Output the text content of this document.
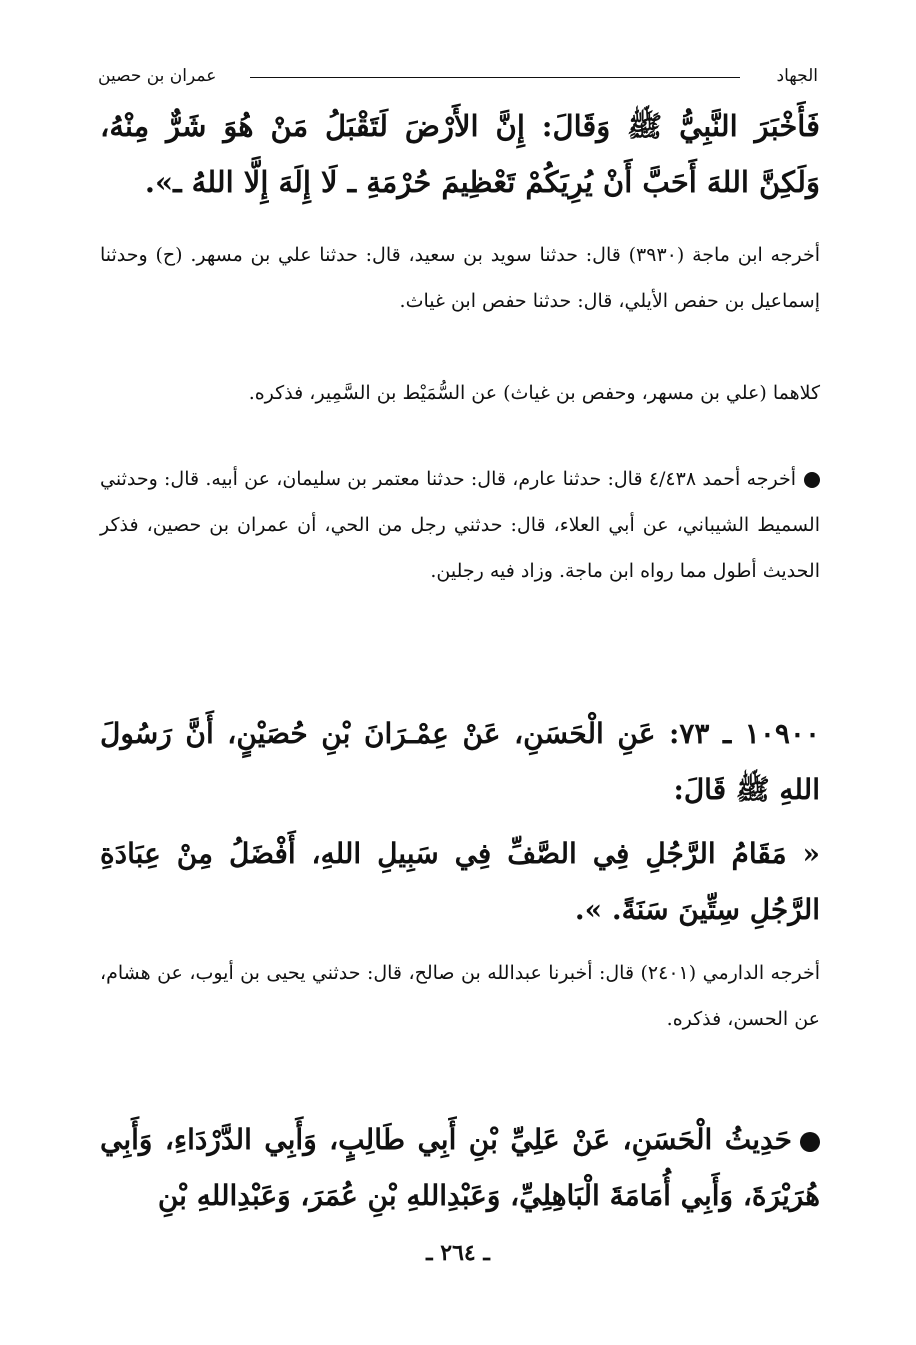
الجهاد
عمران بن حصين
فَأَخْبَرَ النَّبِيُّ ﷺ وَقَالَ: إِنَّ الأَرْضَ لَتَقْبَلُ مَنْ هُوَ شَرٌّ مِنْهُ، وَلَكِنَّ اللهَ أَحَبَّ أَنْ يُرِيَكُمْ تَعْظِيمَ حُرْمَةِ ـ لَا إِلَهَ إِلَّا اللهُ ـ».
أخرجه ابن ماجة (٣٩٣٠) قال: حدثنا سويد بن سعيد، قال: حدثنا علي بن مسهر. (ح) وحدثنا إسماعيل بن حفص الأيلي، قال: حدثنا حفص ابن غياث.
كلاهما (علي بن مسهر، وحفص بن غياث) عن السُّمَيْط بن السَّمِير، فذكره.
أخرجه أحمد ٤/٤٣٨ قال: حدثنا عارم، قال: حدثنا معتمر بن سليمان، عن أبيه. قال: وحدثني السميط الشيباني، عن أبي العلاء، قال: حدثني رجل من الحي، أن عمران بن حصين، فذكر الحديث أطول مما رواه ابن ماجة. وزاد فيه رجلين.
١٠٩٠٠ ـ ٧٣: عَنِ الْحَسَنِ، عَنْ عِمْـرَانَ بْنِ حُصَيْنٍ، أَنَّ رَسُولَ اللهِ ﷺ قَالَ:
« مَقَامُ الرَّجُلِ فِي الصَّفِّ فِي سَبِيلِ اللهِ، أَفْضَلُ مِنْ عِبَادَةِ الرَّجُلِ سِتِّينَ سَنَةً. ».
أخرجه الدارمي (٢٤٠١) قال: أخبرنا عبدالله بن صالح، قال: حدثني يحيى بن أيوب، عن هشام، عن الحسن، فذكره.
حَدِيثُ الْحَسَنِ، عَنْ عَلِيِّ بْنِ أَبِي طَالِبٍ، وَأَبِي الدَّرْدَاءِ، وَأَبِي هُرَيْرَةَ، وَأَبِي أُمَامَةَ الْبَاهِلِيِّ، وَعَبْدِاللهِ بْنِ عُمَرَ، وَعَبْدِاللهِ بْنِ
ـ ٢٦٤ ـ
